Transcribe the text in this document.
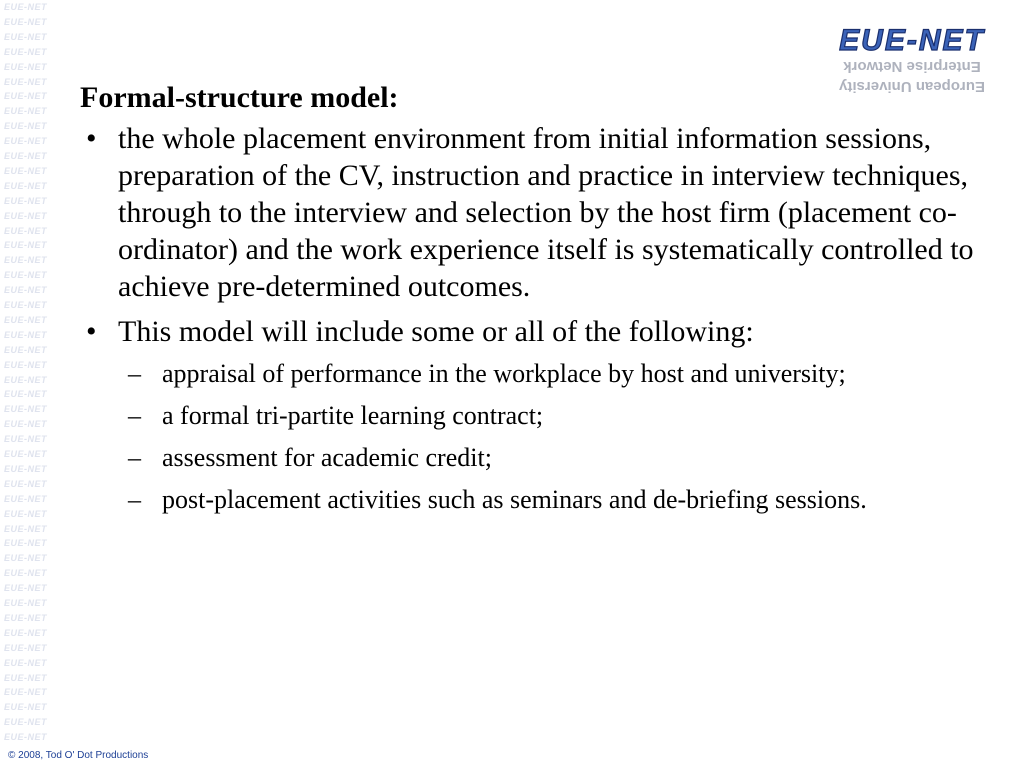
EUE-NET
EUE-NET
EUE-NET
EUE-NET
EUE-NET
EUE-NET
EUE-NET
EUE-NET
EUE-NET
EUE-NET
EUE-NET
EUE-NET
EUE-NET
EUE-NET
EUE-NET
EUE-NET
EUE-NET
EUE-NET
EUE-NET
EUE-NET
EUE-NET
EUE-NET
EUE-NET
EUE-NET
EUE-NET
EUE-NET
EUE-NET
EUE-NET
EUE-NET
EUE-NET
EUE-NET
EUE-NET
EUE-NET
EUE-NET
EUE-NET
EUE-NET
EUE-NET
EUE-NET
EUE-NET
EUE-NET
EUE-NET
EUE-NET
EUE-NET
EUE-NET
EUE-NET
EUE-NET
EUE-NET
EUE-NET
EUE-NET
EUE-NET
EUE-NET
Enterprise Network
European University
Formal-structure model:
• the whole placement environment from initial information sessions, preparation of the CV, instruction and practice in interview techniques, through to the interview and selection by the host firm (placement co-ordinator) and the work experience itself is systematically controlled to achieve pre-determined outcomes.
• This model will include some or all of the following:
– appraisal of performance in the workplace by host and university;
– a formal tri-partite learning contract;
– assessment for academic credit;
– post-placement activities such as seminars and de-briefing sessions.
© 2008, Tod O' Dot Productions
